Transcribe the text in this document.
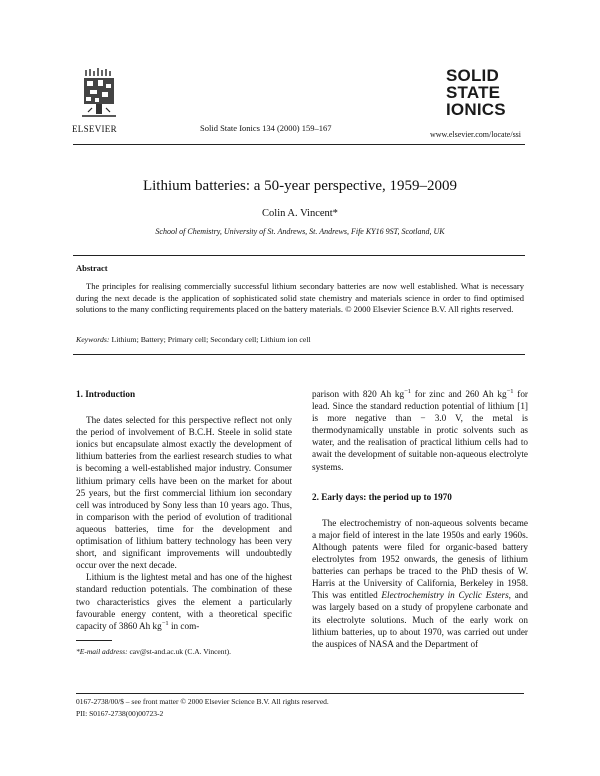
ELSEVIER	Solid State Ionics 134 (2000) 159–167
SOLID
STATE
IONICS
www.elsevier.com/locate/ssi
Lithium batteries: a 50-year perspective, 1959–2009
Colin A. Vincent*
School of Chemistry, University of St. Andrews, St. Andrews, Fife KY16 9ST, Scotland, UK
Abstract
The principles for realising commercially successful lithium secondary batteries are now well established. What is necessary during the next decade is the application of sophisticated solid state chemistry and materials science in order to find optimised solutions to the many conflicting requirements placed on the battery materials. © 2000 Elsevier Science B.V. All rights reserved.
Keywords: Lithium; Battery; Primary cell; Secondary cell; Lithium ion cell
1. Introduction

The dates selected for this perspective reflect not only the period of involvement of B.C.H. Steele in solid state ionics but encapsulate almost exactly the development of lithium batteries from the earliest research studies to what is becoming a well-established major industry. Consumer lithium primary cells have been on the market for about 25 years, but the first commercial lithium ion secondary cell was introduced by Sony less than 10 years ago. Thus, in comparison with the period of evolution of traditional aqueous batteries, time for the development and optimisation of lithium battery technology has been very short, and significant improvements will undoubtedly occur over the next decade.

Lithium is the lightest metal and has one of the highest standard reduction potentials. The combination of these two characteristics gives the element a particularly favourable energy content, with a theoretical specific capacity of 3860 Ah $kg^{-1}$ in com-

parison with 820 Ah $kg^{-1}$ for zinc and 260 Ah $kg^{-1}$ for lead. Since the standard reduction potential of lithium [1] is more negative than − 3.0 V, the metal is thermodynamically unstable in protic solvents such as water, and the realisation of practical lithium cells had to await the development of suitable non-aqueous electrolyte systems.

2. Early days: the period up to 1970

The electrochemistry of non-aqueous solvents became a major field of interest in the late 1950s and early 1960s. Although patents were filed for organic-based battery electrolytes from 1952 onwards, the genesis of lithium batteries can perhaps be traced to the PhD thesis of W. Harris at the University of California, Berkeley in 1958. This was entitled Electrochemistry in Cyclic Esters, and was largely based on a study of propylene carbonate and its electrolyte solutions. Much of the early work on lithium batteries, up to about 1970, was carried out under the auspices of NASA and the Department of

*E-mail address: cav@st-and.ac.uk (C.A. Vincent).
0167-2738/00/$ – see front matter © 2000 Elsevier Science B.V. All rights reserved.
PII: S0167-2738(00)00723-2
